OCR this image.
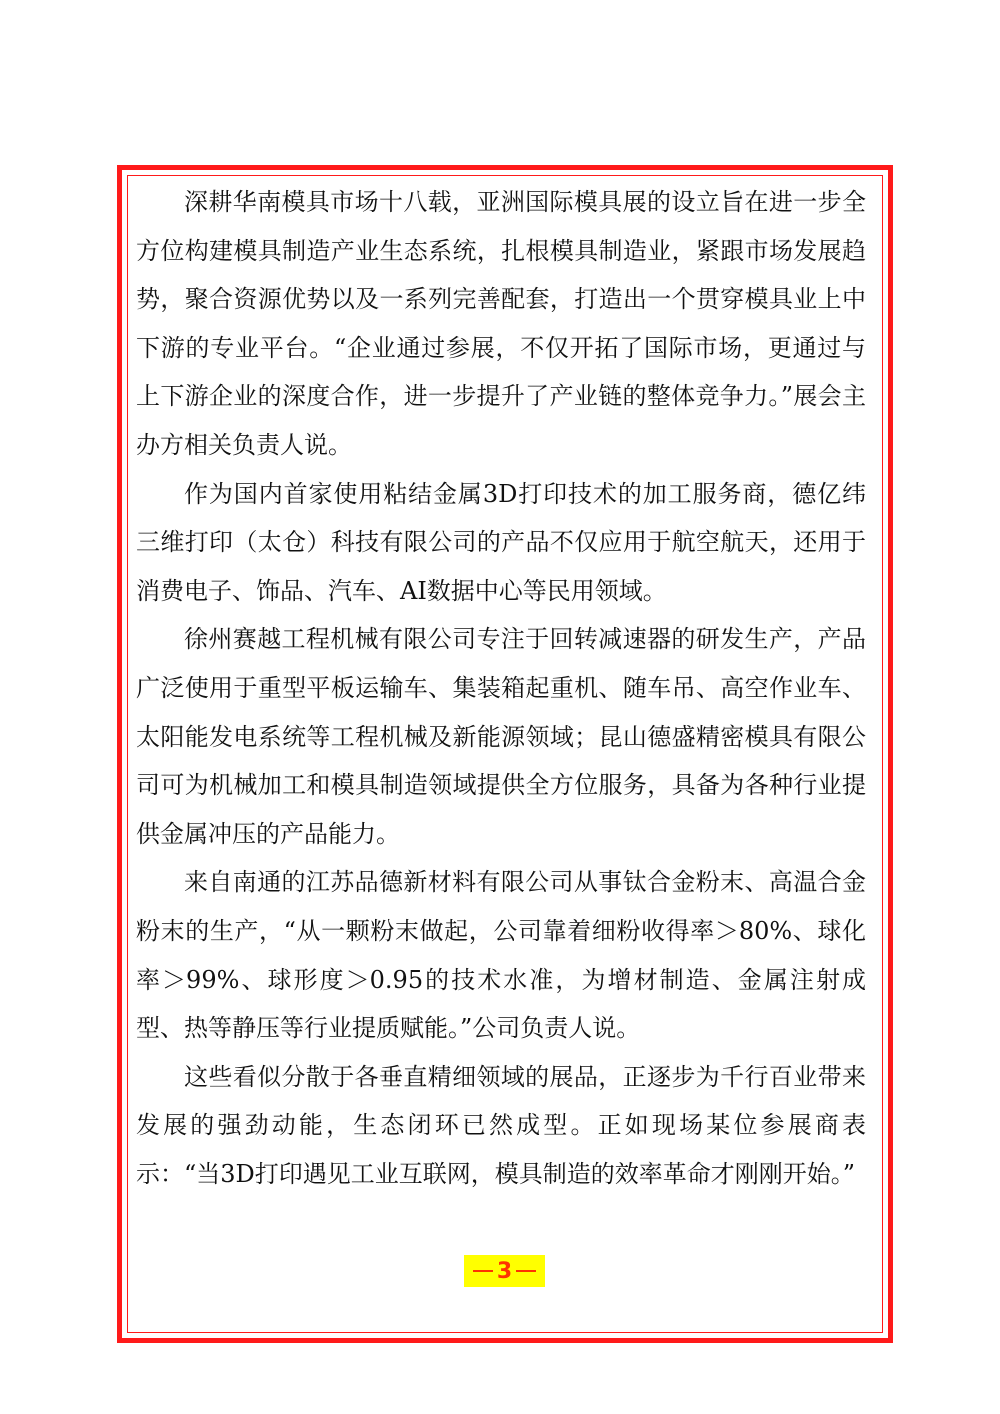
深耕华南模具市场十八载，亚洲国际模具展的设立旨在进一步全方位构建模具制造产业生态系统，扎根模具制造业，紧跟市场发展趋势，聚合资源优势以及一系列完善配套，打造出一个贯穿模具业上中下游的专业平台。“企业通过参展，不仅开拓了国际市场，更通过与上下游企业的深度合作，进一步提升了产业链的整体竞争力。”展会主办方相关负责人说。

作为国内首家使用粘结金属3D打印技术的加工服务商，德亿纬三维打印（太仓）科技有限公司的产品不仅应用于航空航天，还用于消费电子、饰品、汽车、AI数据中心等民用领域。

徐州赛越工程机械有限公司专注于回转减速器的研发生产，产品广泛使用于重型平板运输车、集装箱起重机、随车吊、高空作业车、太阳能发电系统等工程机械及新能源领域；昆山德盛精密模具有限公司可为机械加工和模具制造领域提供全方位服务，具备为各种行业提供金属冲压的产品能力。

来自南通的江苏品德新材料有限公司从事钛合金粉末、高温合金粉末的生产，“从一颗粉末做起，公司靠着细粉收得率＞80%、球化率＞99%、球形度＞0.95的技术水准，为增材制造、金属注射成型、热等静压等行业提质赋能。”公司负责人说。

这些看似分散于各垂直精细领域的展品，正逐步为千行百业带来发展的强劲动能，生态闭环已然成型。正如现场某位参展商表示：“当3D打印遇见工业互联网，模具制造的效率革命才刚刚开始。”

3
